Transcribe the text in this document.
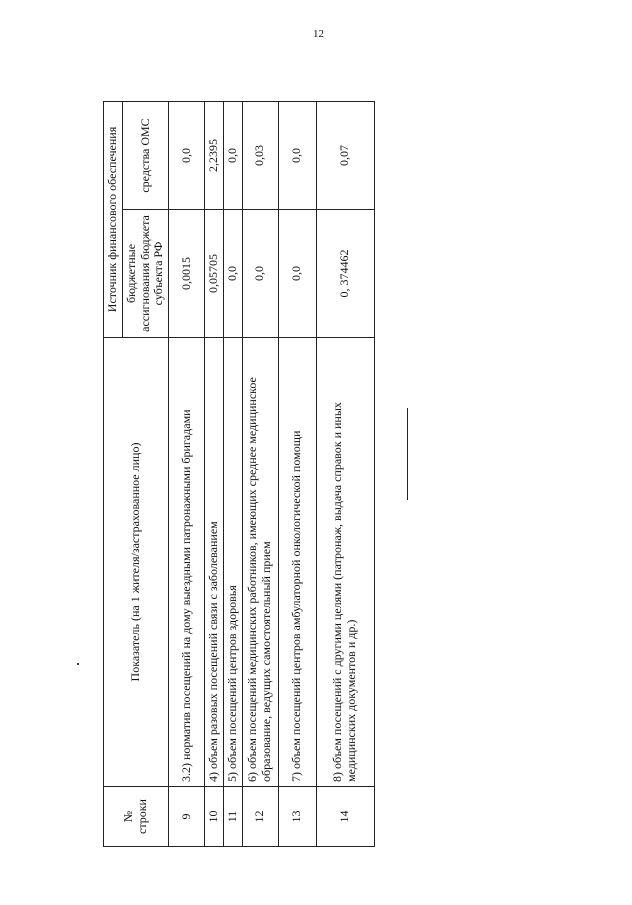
12
№
строки	Показатель (на 1 жителя/застрахованное лицо)	Источник финансового обеспечения	
		бюджетные ассигнования бюджета субъекта РФ	средства ОМС
9	3.2) норматив посещений на дому выездными патронажными бригадами	0,0015	0,0
10	4) объем разовых посещений связи с заболеванием	0,05705	2,2395
11	5) объем посещений центров здоровья	0,0	0,0
12	6) объем посещений медицинских работников, имеющих среднее медицинское образование, ведущих самостоятельный прием	0,0	0,03
13	7) объем посещений центров амбулаторной онкологической помощи	0,0	0,0
14	8) объем посещений с другими целями (патронаж, выдача справок и иных медицинских документов и др.)	0, 374462	0,07
